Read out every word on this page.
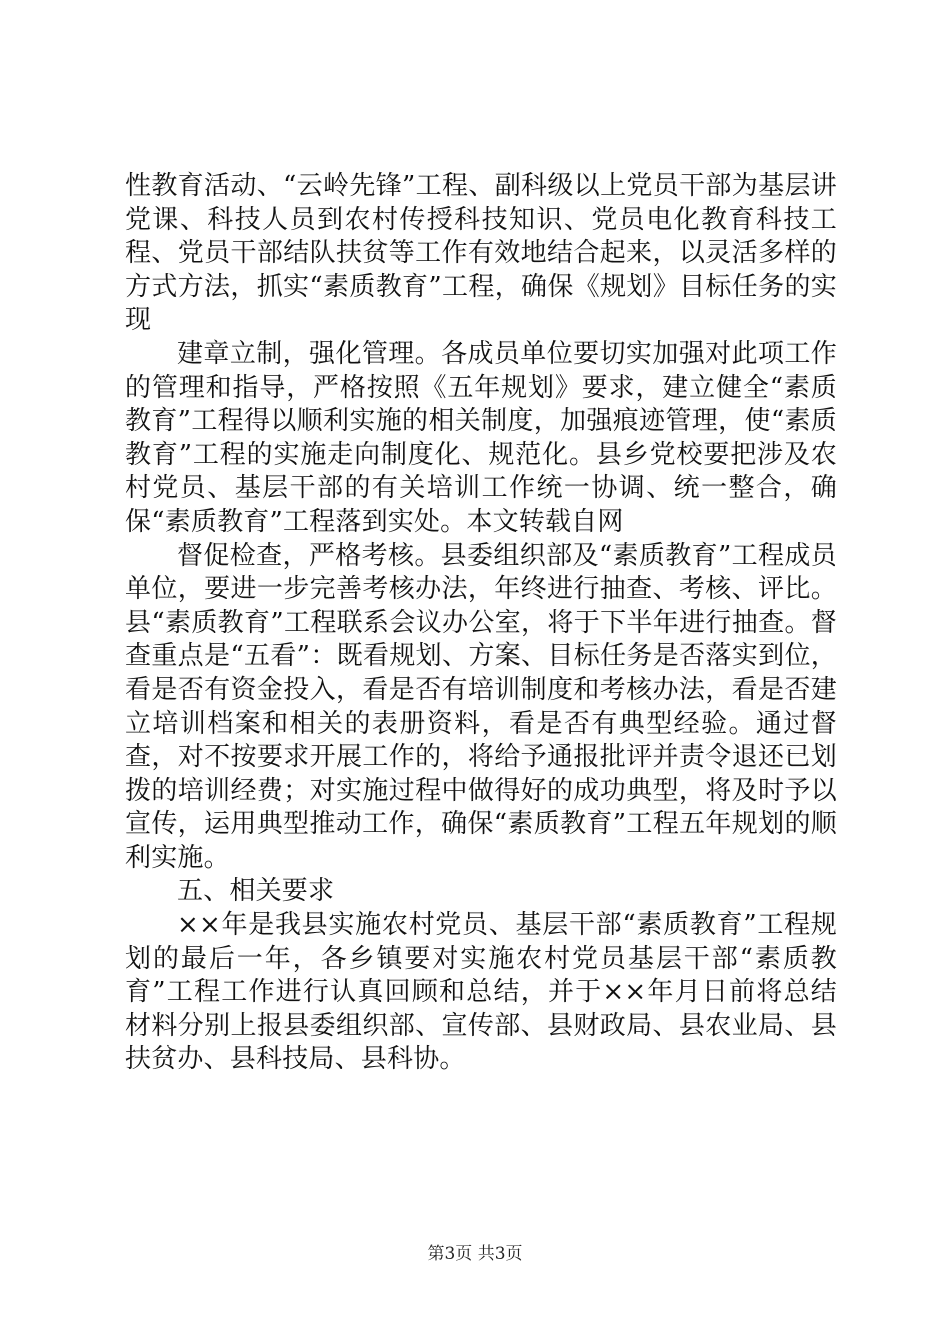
性教育活动、“云岭先锋”工程、副科级以上党员干部为基层讲党课、科技人员到农村传授科技知识、党员电化教育科技工程、党员干部结队扶贫等工作有效地结合起来，以灵活多样的方式方法，抓实“素质教育”工程，确保《规划》目标任务的实现

建章立制，强化管理。各成员单位要切实加强对此项工作的管理和指导，严格按照《五年规划》要求，建立健全“素质教育”工程得以顺利实施的相关制度，加强痕迹管理，使“素质教育”工程的实施走向制度化、规范化。县乡党校要把涉及农村党员、基层干部的有关培训工作统一协调、统一整合，确保“素质教育”工程落到实处。本文转载自网

督促检查，严格考核。县委组织部及“素质教育”工程成员单位，要进一步完善考核办法，年终进行抽查、考核、评比。县“素质教育”工程联系会议办公室，将于下半年进行抽查。督查重点是“五看”：既看规划、方案、目标任务是否落实到位，看是否有资金投入，看是否有培训制度和考核办法，看是否建立培训档案和相关的表册资料，看是否有典型经验。通过督查，对不按要求开展工作的，将给予通报批评并责令退还已划拨的培训经费；对实施过程中做得好的成功典型，将及时予以宣传，运用典型推动工作，确保“素质教育”工程五年规划的顺利实施。

五、相关要求

××年是我县实施农村党员、基层干部“素质教育”工程规划的最后一年，各乡镇要对实施农村党员基层干部“素质教育”工程工作进行认真回顾和总结，并于××年月日前将总结材料分别上报县委组织部、宣传部、县财政局、县农业局、县扶贫办、县科技局、县科协。

第3页 共3页
